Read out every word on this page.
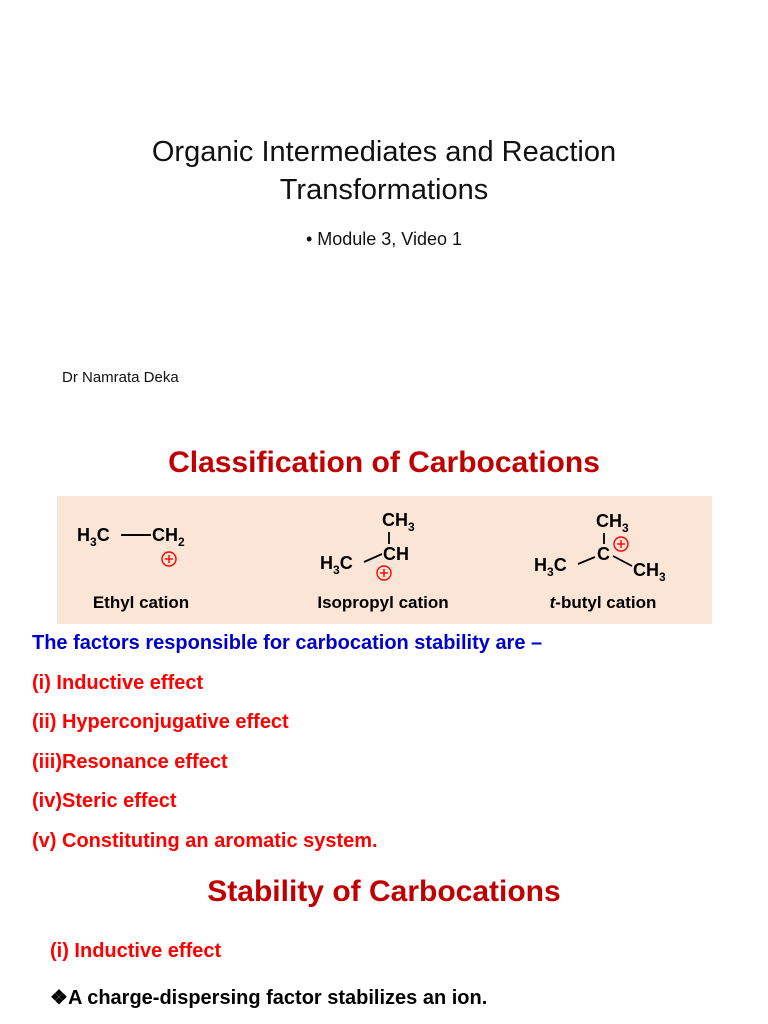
Organic Intermediates and Reaction
Transformations
• Module 3, Video 1
Dr Namrata Deka
Classification of Carbocations
$H_3C$ $CH_2$
Ethyl cation
$CH_3$
$H_3C$ CH
Isopropyl cation
$CH_3$
$H_3C$
C
$CH_3$
t-butyl cation
The factors responsible for carbocation stability are –
(i) Inductive effect
(ii) Hyperconjugative effect
(iii)Resonance effect
(iv)Steric effect
(v) Constituting an aromatic system.
Stability of Carbocations
(i) Inductive effect
❖A charge-dispersing factor stabilizes an ion.
